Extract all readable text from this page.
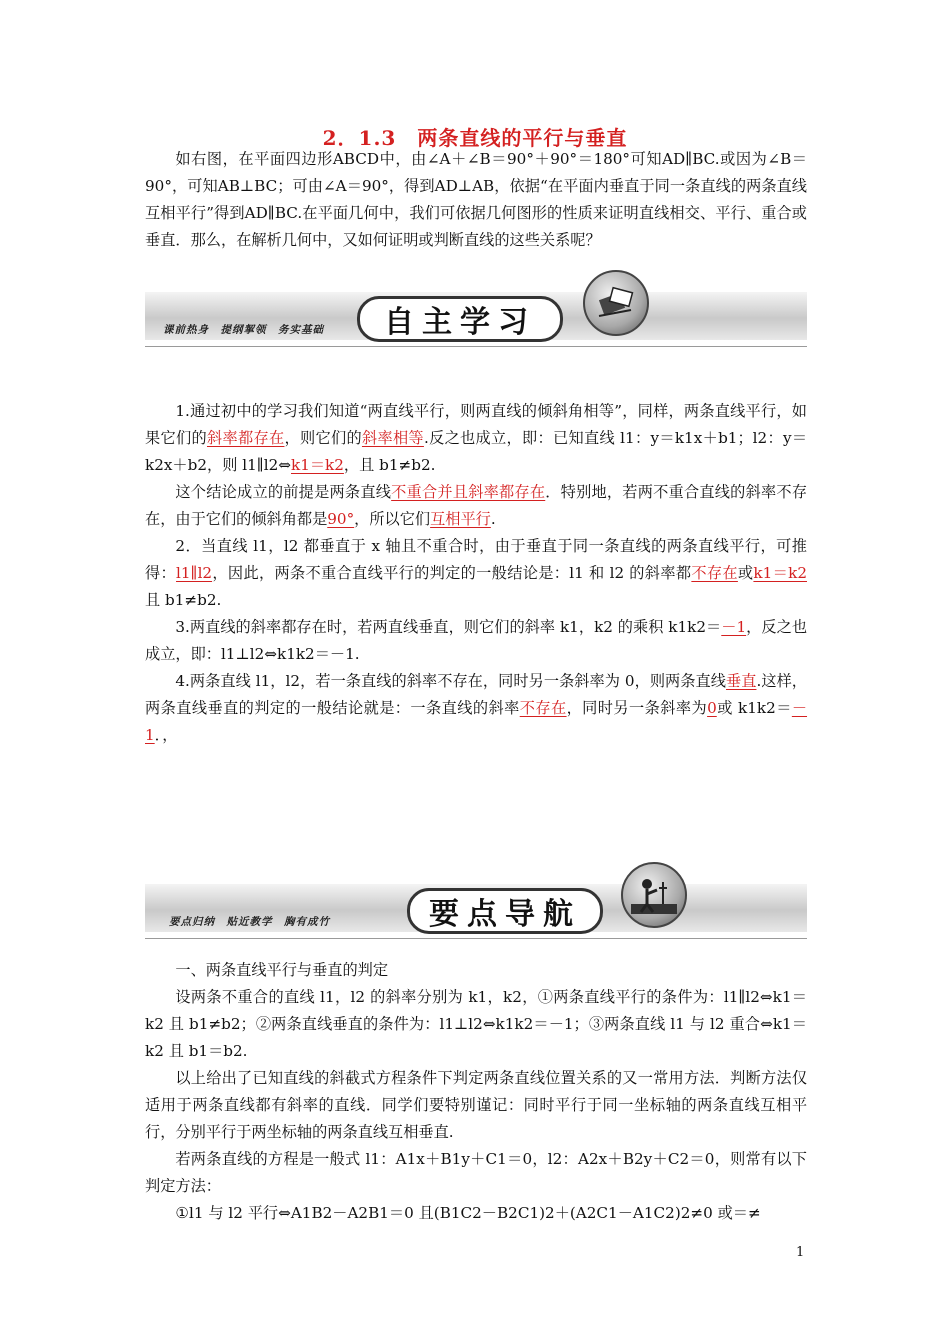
2．1.3　两条直线的平行与垂直

如右图，在平面四边形ABCD中，由∠A＋∠B＝90°＋90°＝180°可知AD∥BC.或因为∠B＝90°，可知AB⊥BC；可由∠A＝90°，得到AD⊥AB，依据“在平面内垂直于同一条直线的两条直线互相平行”得到AD∥BC.在平面几何中，我们可依据几何图形的性质来证明直线相交、平行、重合或垂直．那么，在解析几何中，又如何证明或判断直线的这些关系呢？

课前热身　提纲挈领　务实基础	自主学习

1.通过初中的学习我们知道“两直线平行，则两直线的倾斜角相等”，同样，两条直线平行，如果它们的斜率都存在，则它们的斜率相等.反之也成立，即：已知直线 l1：y＝k1x＋b1；l2：y＝k2x＋b2，则 l1∥l2⇔k1＝k2，且 b1≠b2.

这个结论成立的前提是两条直线不重合并且斜率都存在．特别地，若两不重合直线的斜率不存在，由于它们的倾斜角都是90°，所以它们互相平行.

2．当直线 l1，l2 都垂直于 x 轴且不重合时，由于垂直于同一条直线的两条直线平行，可推得：l1∥l2，因此，两条不重合直线平行的判定的一般结论是：l1 和 l2 的斜率都不存在或k1＝k2且 b1≠b2.

3.两直线的斜率都存在时，若两直线垂直，则它们的斜率 k1，k2 的乘积 k1k2＝－1，反之也成立，即：l1⊥l2⇔k1k2＝－1.

4.两条直线 l1，l2，若一条直线的斜率不存在，同时另一条斜率为 0，则两条直线垂直.这样，两条直线垂直的判定的一般结论就是：一条直线的斜率不存在，同时另一条斜率为0或 k1k2＝－1．，

要点归纳　贴近教学　胸有成竹	要点导航

一、两条直线平行与垂直的判定

设两条不重合的直线 l1，l2 的斜率分别为 k1，k2，①两条直线平行的条件为：l1∥l2⇔k1＝k2 且 b1≠b2；②两条直线垂直的条件为：l1⊥l2⇔k1k2＝－1；③两条直线 l1 与 l2 重合⇔k1＝k2 且 b1＝b2.

以上给出了已知直线的斜截式方程条件下判定两条直线位置关系的又一常用方法．判断方法仅适用于两条直线都有斜率的直线．同学们要特别谨记：同时平行于同一坐标轴的两条直线互相平行，分别平行于两坐标轴的两条直线互相垂直.

若两条直线的方程是一般式 l1：A1x＋B1y＋C1＝0，l2：A2x＋B2y＋C2＝0，则常有以下判定方法：

①l1 与 l2 平行⇔A1B2－A2B1＝0 且(B1C2－B2C1)2＋(A2C1－A1C2)2≠0 或＝≠

1
